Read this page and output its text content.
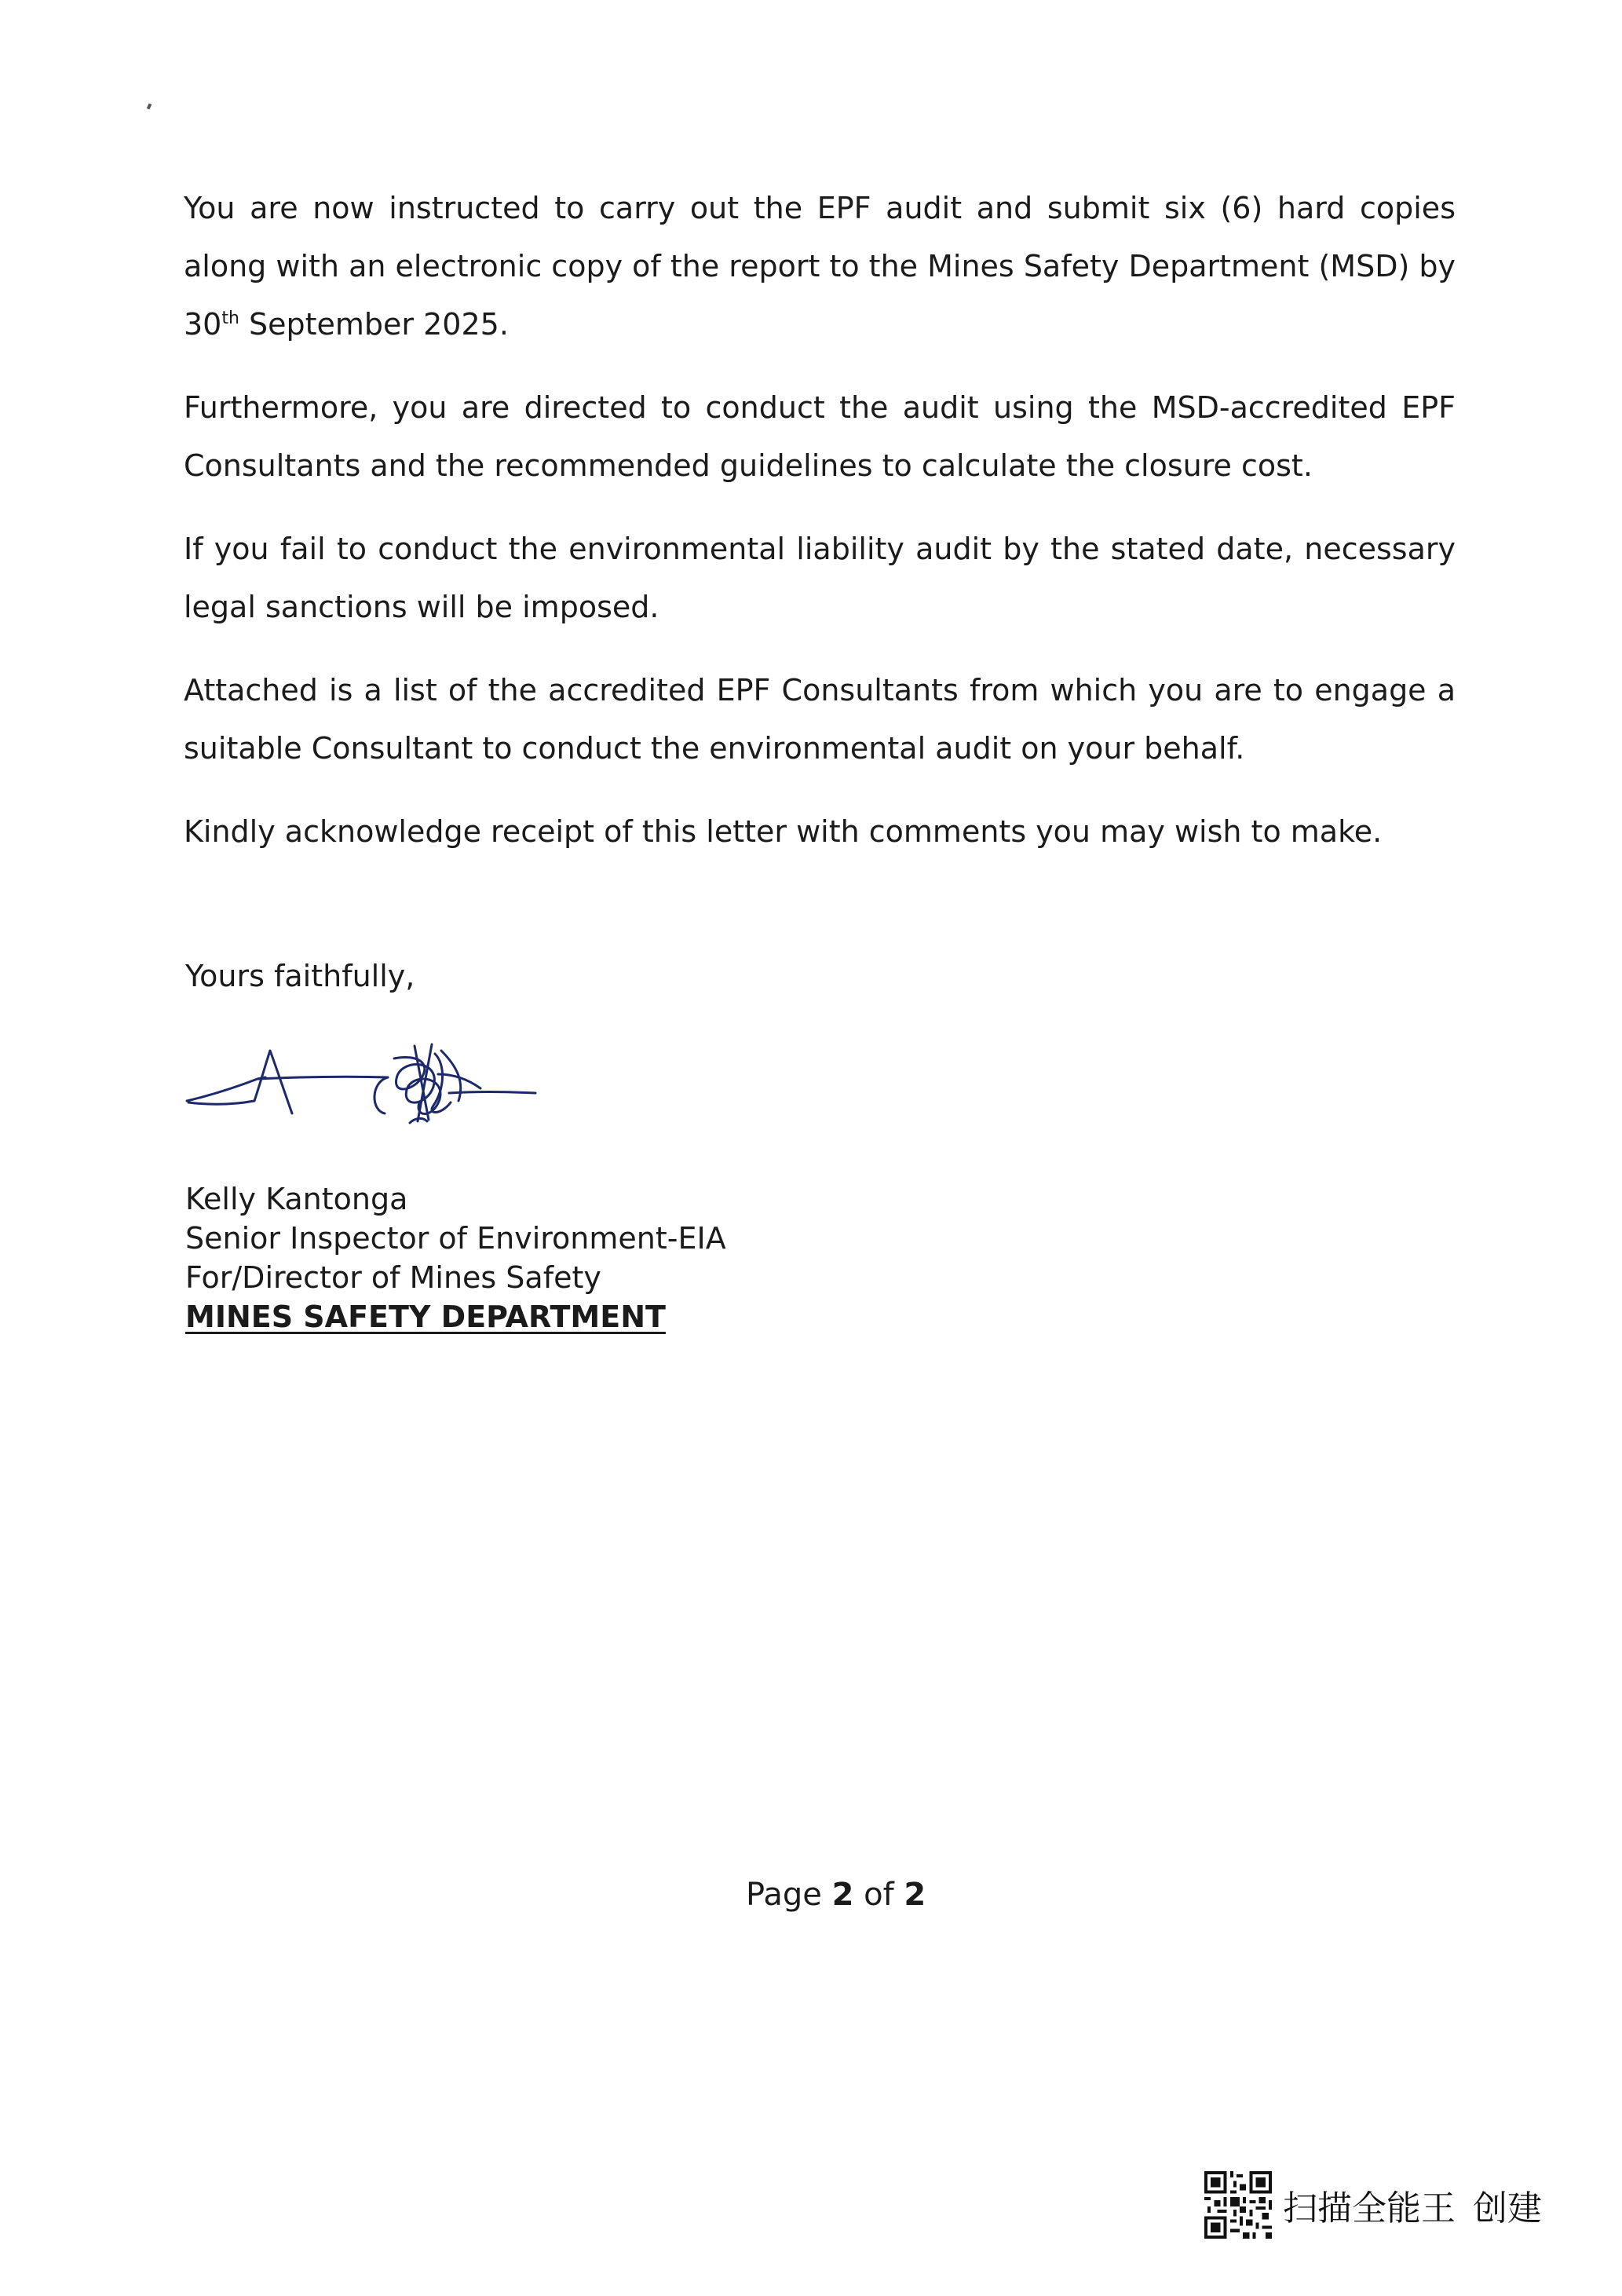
You are now instructed to carry out the EPF audit and submit six (6) hard copies along with an electronic copy of the report to the Mines Safety Department (MSD) by 30th September 2025.

Furthermore, you are directed to conduct the audit using the MSD-accredited EPF Consultants and the recommended guidelines to calculate the closure cost.

If you fail to conduct the environmental liability audit by the stated date, necessary legal sanctions will be imposed.

Attached is a list of the accredited EPF Consultants from which you are to engage a suitable Consultant to conduct the environmental audit on your behalf.

Kindly acknowledge receipt of this letter with comments you may wish to make.

Yours faithfully,

Kelly Kantonga
Senior Inspector of Environment-EIA
For/Director of Mines Safety
MINES SAFETY DEPARTMENT
Page 2 of 2
扫描全能王 创建
